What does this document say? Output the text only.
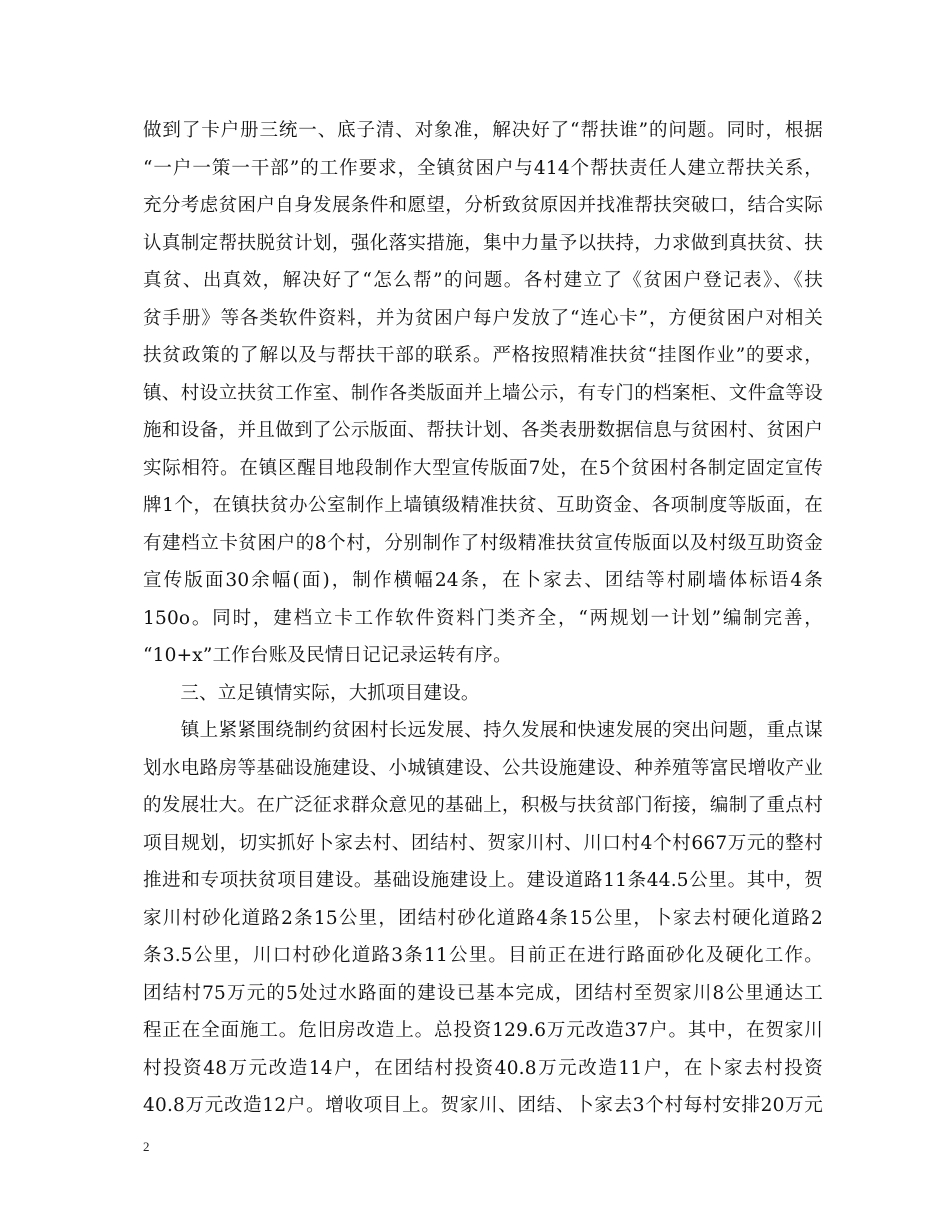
做到了卡户册三统一、底子清、对象准，解决好了“帮扶谁”的问题。同时，根据
“一户一策一干部”的工作要求，全镇贫困户与414个帮扶责任人建立帮扶关系，
充分考虑贫困户自身发展条件和愿望，分析致贫原因并找准帮扶突破口，结合实际
认真制定帮扶脱贫计划，强化落实措施，集中力量予以扶持，力求做到真扶贫、扶
真贫、出真效，解决好了“怎么帮”的问题。各村建立了《贫困户登记表》、《扶
贫手册》等各类软件资料，并为贫困户每户发放了“连心卡”，方便贫困户对相关
扶贫政策的了解以及与帮扶干部的联系。严格按照精准扶贫“挂图作业”的要求，
镇、村设立扶贫工作室、制作各类版面并上墙公示，有专门的档案柜、文件盒等设
施和设备，并且做到了公示版面、帮扶计划、各类表册数据信息与贫困村、贫困户
实际相符。在镇区醒目地段制作大型宣传版面7处，在5个贫困村各制定固定宣传
牌1个，在镇扶贫办公室制作上墙镇级精准扶贫、互助资金、各项制度等版面，在
有建档立卡贫困户的8个村，分别制作了村级精准扶贫宣传版面以及村级互助资金
宣传版面30余幅(面)，制作横幅24条，在卜家去、团结等村刷墙体标语4条
150o。同时，建档立卡工作软件资料门类齐全，“两规划一计划”编制完善，
“10+x”工作台账及民情日记记录运转有序。
　　三、立足镇情实际，大抓项目建设。
　　镇上紧紧围绕制约贫困村长远发展、持久发展和快速发展的突出问题，重点谋
划水电路房等基础设施建设、小城镇建设、公共设施建设、种养殖等富民增收产业
的发展壮大。在广泛征求群众意见的基础上，积极与扶贫部门衔接，编制了重点村
项目规划，切实抓好卜家去村、团结村、贺家川村、川口村4个村667万元的整村
推进和专项扶贫项目建设。基础设施建设上。建设道路11条44.5公里。其中，贺
家川村砂化道路2条15公里，团结村砂化道路4条15公里，卜家去村硬化道路2
条3.5公里，川口村砂化道路3条11公里。目前正在进行路面砂化及硬化工作。
团结村75万元的5处过水路面的建设已基本完成，团结村至贺家川8公里通达工
程正在全面施工。危旧房改造上。总投资129.6万元改造37户。其中，在贺家川
村投资48万元改造14户，在团结村投资40.8万元改造11户，在卜家去村投资
40.8万元改造12户。增收项目上。贺家川、团结、卜家去3个村每村安排20万元
2
